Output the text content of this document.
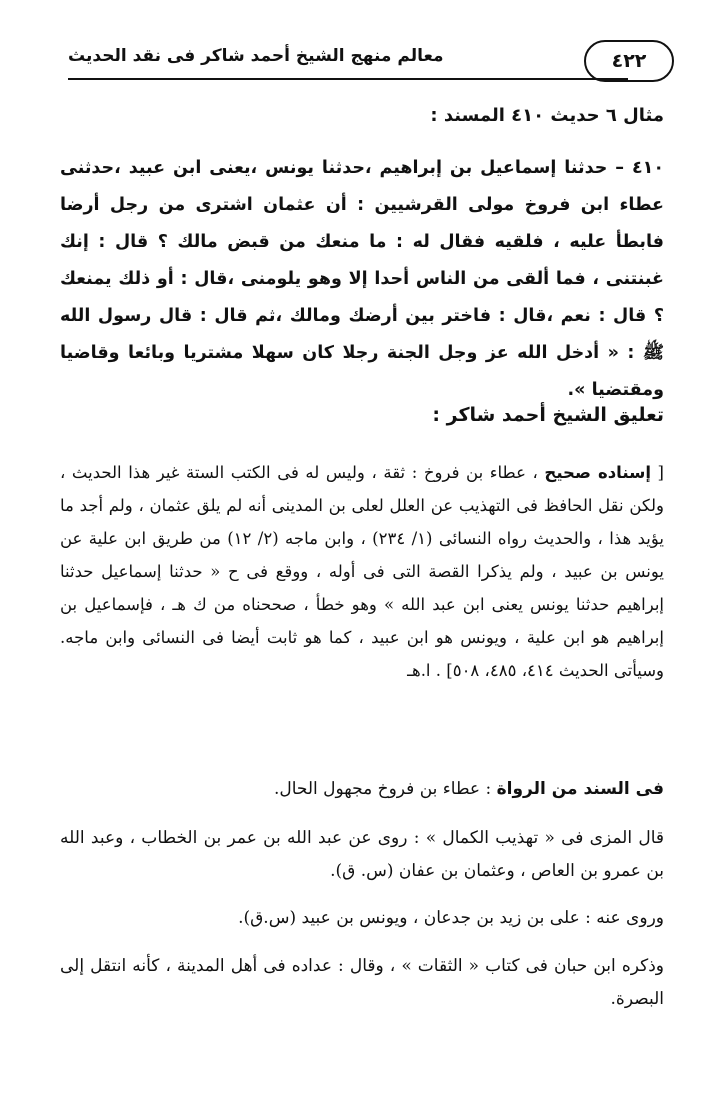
٤٢٢
معالم منهج الشيخ أحمد شاكر فى نقد الحديث
مثال ٦ حديث ٤١٠ المسند :
٤١٠ – حدثنا إسماعيل بن إبراهيم ،حدثنا يونس ،يعنى ابن عبيد ،حدثنى عطاء ابن فروخ مولى القرشيين : أن عثمان اشترى من رجل أرضا فابطأ عليه ، فلقيه فقال له : ما منعك من قبض مالك ؟ قال : إنك غبنتنى ، فما ألقى من الناس أحدا إلا وهو يلومنى ،قال : أو ذلك يمنعك ؟ قال : نعم ،قال : فاختر بين أرضك ومالك ،ثم قال : قال رسول الله ﷺ : « أدخل الله عز وجل الجنة رجلا كان سهلا مشتريا وبائعا وقاضيا ومقتضيا ».
تعليق الشيخ أحمد شاكر :
[ إسناده صحيح ، عطاء بن فروخ : ثقة ، وليس له فى الكتب الستة غير هذا الحديث ، ولكن نقل الحافظ فى التهذيب عن العلل لعلى بن المدينى أنه لم يلق عثمان ، ولم أجد ما يؤيد هذا ، والحديث رواه النسائى (١/ ٢٣٤) ، وابن ماجه (٢/ ١٢) من طريق ابن علية عن يونس بن عبيد ، ولم يذكرا القصة التى فى أوله ، ووقع فى ح « حدثنا إسماعيل حدثنا إبراهيم حدثنا يونس يعنى ابن عبد الله » وهو خطأ ، صححناه من ك هـ ، فإسماعيل بن إبراهيم هو ابن علية ، ويونس هو ابن عبيد ، كما هو ثابت أيضا فى النسائى وابن ماجه. وسيأتى الحديث ٤١٤، ٤٨٥، ٥٠٨] . ا.هـ
فى السند من الرواة : عطاء بن فروخ مجهول الحال.
قال المزى فى « تهذيب الكمال » : روى عن عبد الله بن عمر بن الخطاب ، وعبد الله بن عمرو بن العاص ، وعثمان بن عفان (س. ق).
وروى عنه : على بن زيد بن جدعان ، ويونس بن عبيد (س.ق).
وذكره ابن حبان فى كتاب « الثقات » ، وقال : عداده فى أهل المدينة ، كأنه انتقل إلى البصرة.
